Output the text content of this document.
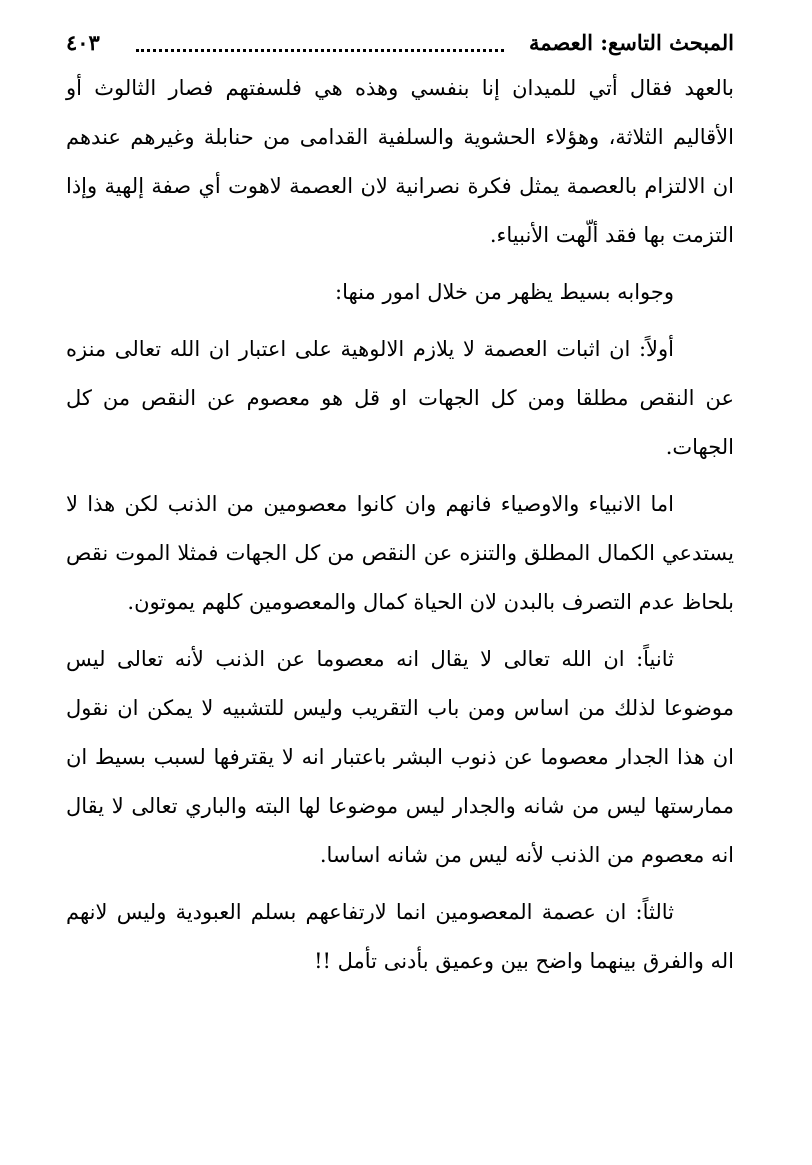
المبحث التاسع: العصمة
٤٠٣

بالعهد فقال أتي للميدان إنا بنفسي وهذه هي فلسفتهم فصار الثالوث أو الأقاليم الثلاثة، وهؤلاء الحشوية والسلفية القدامى من حنابلة وغيرهم عندهم ان الالتزام بالعصمة يمثل فكرة نصرانية لان العصمة لاهوت أي صفة إلهية وإذا التزمت بها فقد ألّهت الأنبياء.

وجوابه بسيط يظهر من خلال امور منها:

أولاً: ان اثبات العصمة لا يلازم الالوهية على اعتبار ان الله تعالى منزه عن النقص مطلقا ومن كل الجهات او قل هو معصوم عن النقص من كل الجهات.

اما الانبياء والاوصياء فانهم وان كانوا معصومين من الذنب لكن هذا لا يستدعي الكمال المطلق والتنزه عن النقص من كل الجهات فمثلا الموت نقص بلحاظ عدم التصرف بالبدن لان الحياة كمال والمعصومين كلهم يموتون.

ثانياً: ان الله تعالى لا يقال انه معصوما عن الذنب لأنه تعالى ليس موضوعا لذلك من اساس ومن باب التقريب وليس للتشبيه لا يمكن ان نقول ان هذا الجدار معصوما عن ذنوب البشر باعتبار انه لا يقترفها لسبب بسيط ان ممارستها ليس من شانه والجدار ليس موضوعا لها البته والباري تعالى لا يقال انه معصوم من الذنب لأنه ليس من شانه اساسا.

ثالثاً: ان عصمة المعصومين انما لارتفاعهم بسلم العبودية وليس لانهم اله والفرق بينهما واضح بين وعميق بأدنى تأمل !!
